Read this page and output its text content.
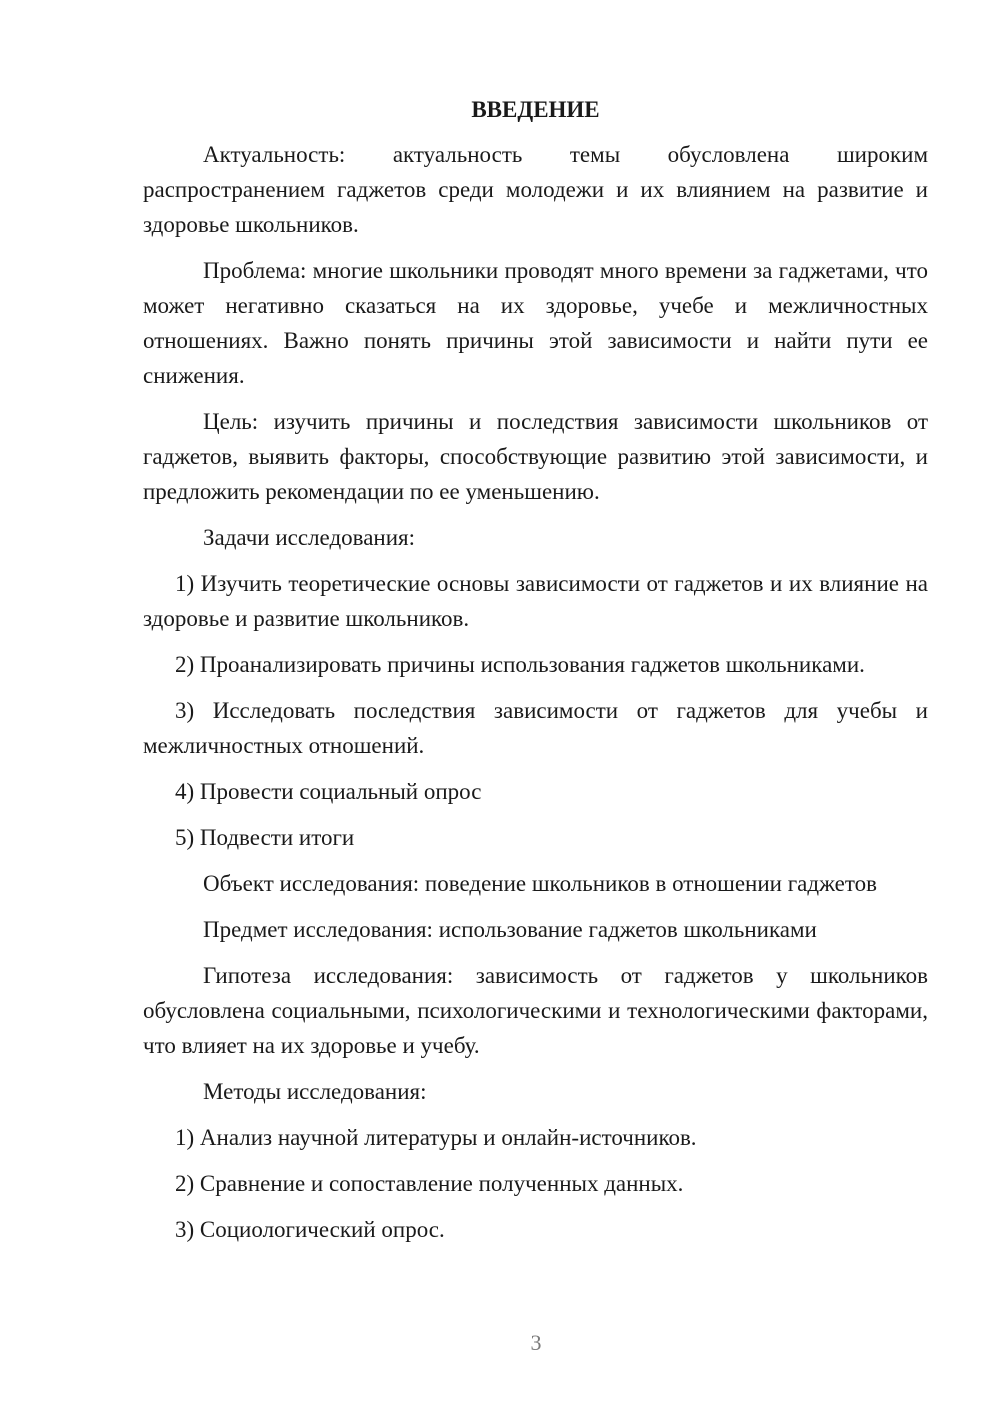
ВВЕДЕНИЕ

Актуальность: актуальность темы обусловлена широким распространением гаджетов среди молодежи и их влиянием на развитие и здоровье школьников.

Проблема: многие школьники проводят много времени за гаджетами, что может негативно сказаться на их здоровье, учебе и межличностных отношениях. Важно понять причины этой зависимости и найти пути ее снижения.

Цель: изучить причины и последствия зависимости школьников от гаджетов, выявить факторы, способствующие развитию этой зависимости, и предложить рекомендации по ее уменьшению.

Задачи исследования:

1) Изучить теоретические основы зависимости от гаджетов и их влияние на здоровье и развитие школьников.

2) Проанализировать причины использования гаджетов школьниками.

3) Исследовать последствия зависимости от гаджетов для учебы и межличностных отношений.

4) Провести социальный опрос

5) Подвести итоги

Объект исследования: поведение школьников в отношении гаджетов

Предмет исследования: использование гаджетов школьниками

Гипотеза исследования: зависимость от гаджетов у школьников обусловлена социальными, психологическими и технологическими факторами, что влияет на их здоровье и учебу.

Методы исследования:

1) Анализ научной литературы и онлайн-источников.

2) Сравнение и сопоставление полученных данных.

3) Социологический опрос.

3
